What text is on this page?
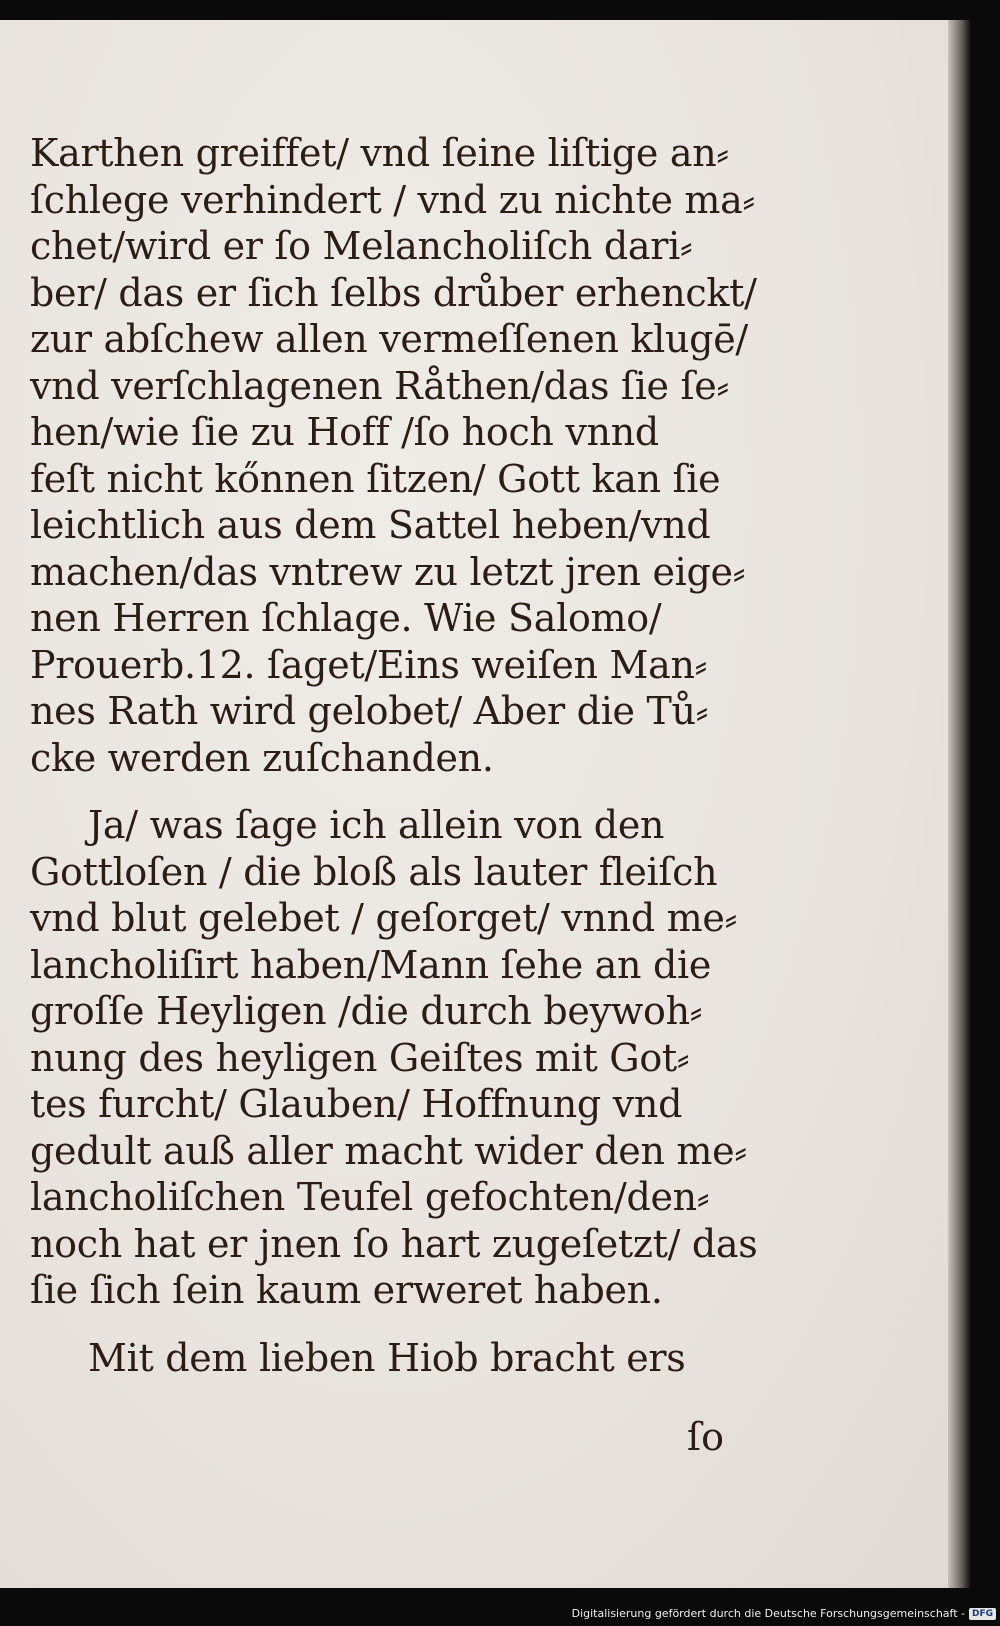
Karthen greiffet/ vnd ſeine liſtige an⸗
ſchlege verhindert / vnd zu nichte ma⸗
chet/wird er ſo Melancholiſch dari⸗
ber/ das er ſich ſelbs drůber erhenckt/
zur abſchew allen vermeſſenen klugē/
vnd verſchlagenen Råthen/das ſie ſe⸗
hen/wie ſie zu Hoff /ſo hoch vnnd
feſt nicht kőnnen ſitzen/ Gott kan ſie
leichtlich aus dem Sattel heben/vnd
machen/das vntrew zu letzt jren eige⸗
nen Herren ſchlage. Wie Salomo/
Prouerb.12. ſaget/Eins weiſen Man⸗
nes Rath wird gelobet/ Aber die Tů⸗
cke werden zuſchanden.
Ja/ was ſage ich allein von den
Gottloſen / die bloß als lauter fleiſch
vnd blut gelebet / geſorget/ vnnd me⸗
lancholiſirt haben/Mann ſehe an die
groſſe Heyligen /die durch beywoh⸗
nung des heyligen Geiſtes mit Got⸗
tes furcht/ Glauben/ Hoffnung vnd
gedult auß aller macht wider den me⸗
lancholiſchen Teufel gefochten/den⸗
noch hat er jnen ſo hart zugeſetzt/ das
ſie ſich ſein kaum erweret haben.
Mit dem lieben Hiob bracht ers
ſo
Digitalisierung gefördert durch die Deutsche Forschungsgemeinschaft - DFG
